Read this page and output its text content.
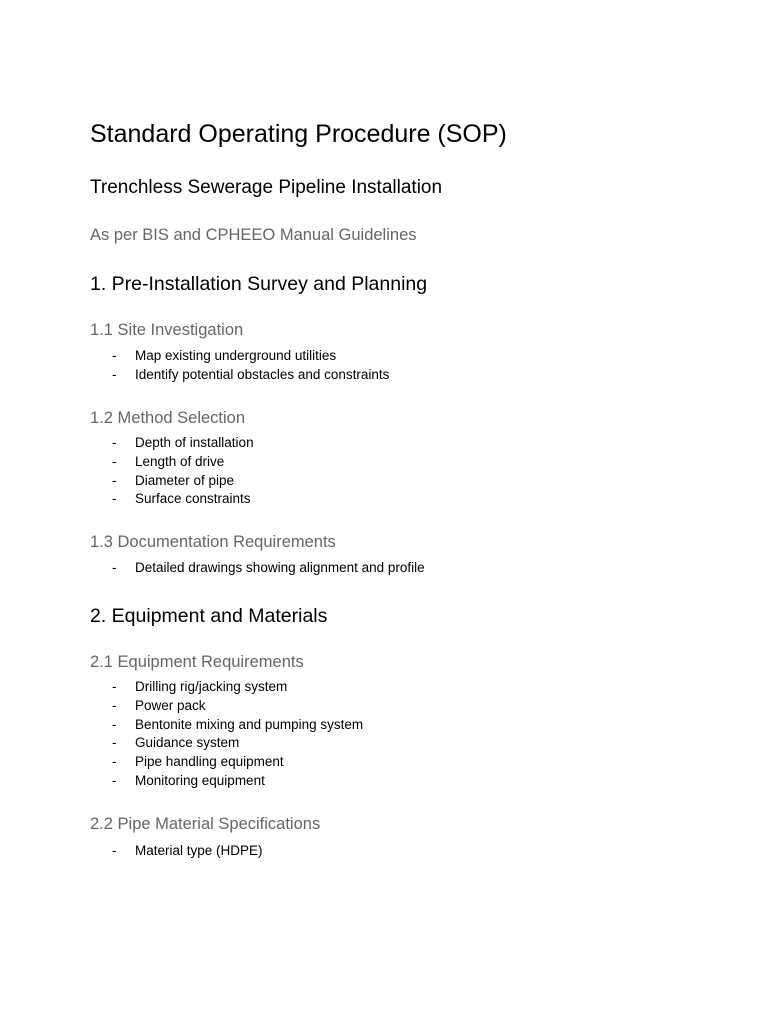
Standard Operating Procedure (SOP)
Trenchless Sewerage Pipeline Installation

As per BIS and CPHEEO Manual Guidelines

1. Pre-Installation Survey and Planning
1.1 Site Investigation
- Map existing underground utilities
- Identify potential obstacles and constraints
1.2 Method Selection
- Depth of installation
- Length of drive
- Diameter of pipe
- Surface constraints
1.3 Documentation Requirements
- Detailed drawings showing alignment and profile
2. Equipment and Materials
2.1 Equipment Requirements
- Drilling rig/jacking system
- Power pack
- Bentonite mixing and pumping system
- Guidance system
- Pipe handling equipment
- Monitoring equipment
2.2 Pipe Material Specifications
- Material type (HDPE)
